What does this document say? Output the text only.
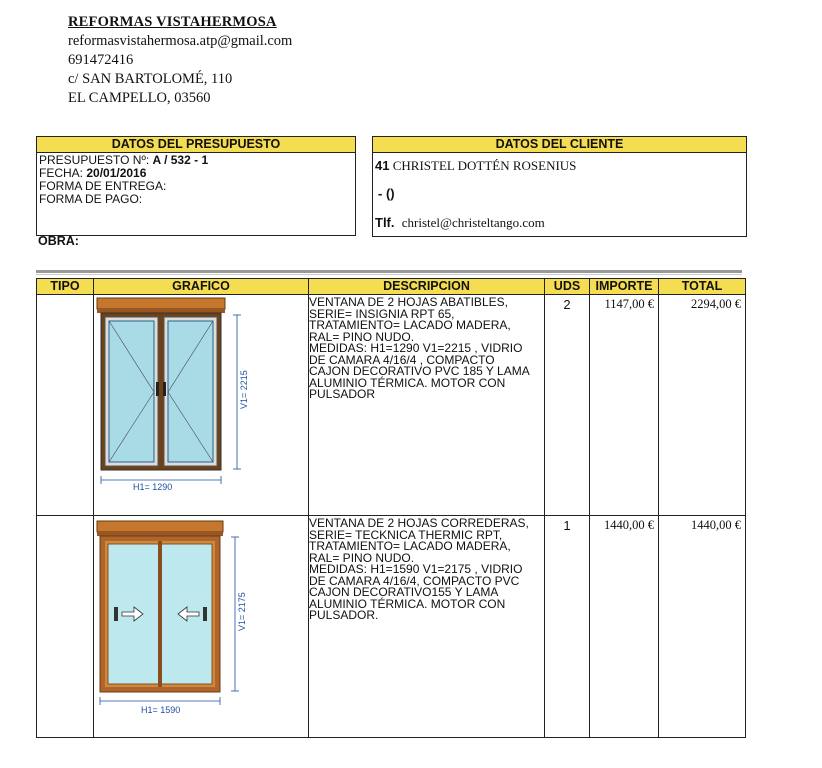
REFORMAS VISTAHERMOSA
reformasvistahermosa.atp@gmail.com
691472416
c/ SAN BARTOLOMÉ, 110
EL CAMPELLO, 03560
DATOS DEL PRESUPUESTO
PRESUPUESTO Nº: A / 532 - 1
FECHA: 20/01/2016
FORMA DE ENTREGA:
FORMA DE PAGO:
DATOS DEL CLIENTE
41 CHRISTEL DOTTÉN ROSENIUS
- ()
Tlf. christel@christeltango.com
OBRA:
TIPO	GRAFICO	DESCRIPCION	UDS	IMPORTE	TOTAL
H1= 1290
V1= 2215
VENTANA DE 2 HOJAS ABATIBLES,
SERIE= INSIGNIA RPT 65,
TRATAMIENTO= LACADO MADERA,
RAL= PINO NUDO.
MEDIDAS: H1=1290 V1=2215 , VIDRIO
DE CAMARA 4/16/4 , COMPACTO
CAJON DECORATIVO PVC 185 Y LAMA
ALUMINIO TÉRMICA. MOTOR CON
PULSADOR
2	1147,00 €	2294,00 €
H1= 1590
V1= 2175
VENTANA DE 2 HOJAS CORREDERAS,
SERIE= TECKNICA THERMIC RPT,
TRATAMIENTO= LACADO MADERA,
RAL= PINO NUDO.
MEDIDAS: H1=1590 V1=2175 , VIDRIO
DE CAMARA 4/16/4, COMPACTO PVC
CAJON DECORATIVO155 Y LAMA
ALUMINIO TÉRMICA. MOTOR CON
PULSADOR.
1	1440,00 €	1440,00 €
